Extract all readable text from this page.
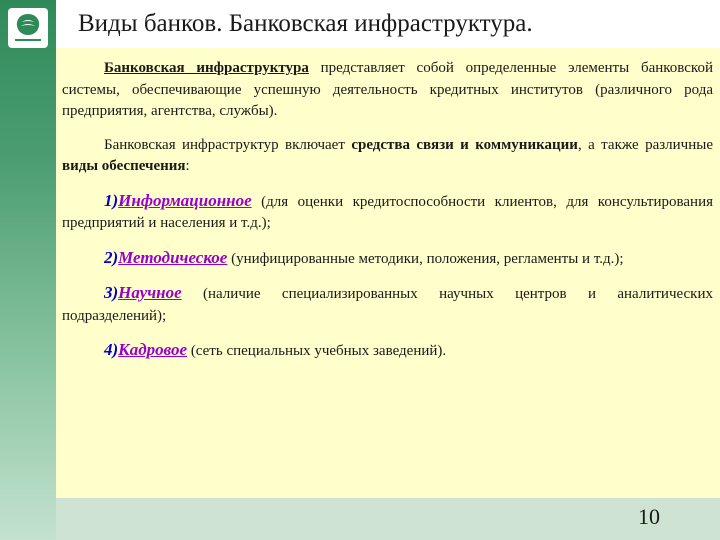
Виды банков. Банковская инфраструктура.

Банковская инфраструктура представляет собой определенные элементы банковской системы, обеспечивающие успешную деятельность кредитных институтов (различного рода предприятия, агентства, службы).

Банковская инфраструктур включает средства связи и коммуникации, а также различные виды обеспечения:

1)Информационное (для оценки кредитоспособности клиентов, для консультирования предприятий и населения и т.д.);

2)Методическое (унифицированные методики, положения, регламенты и т.д.);

3)Научное (наличие специализированных научных центров и аналитических подразделений);

4)Кадровое (сеть специальных учебных заведений).

10
